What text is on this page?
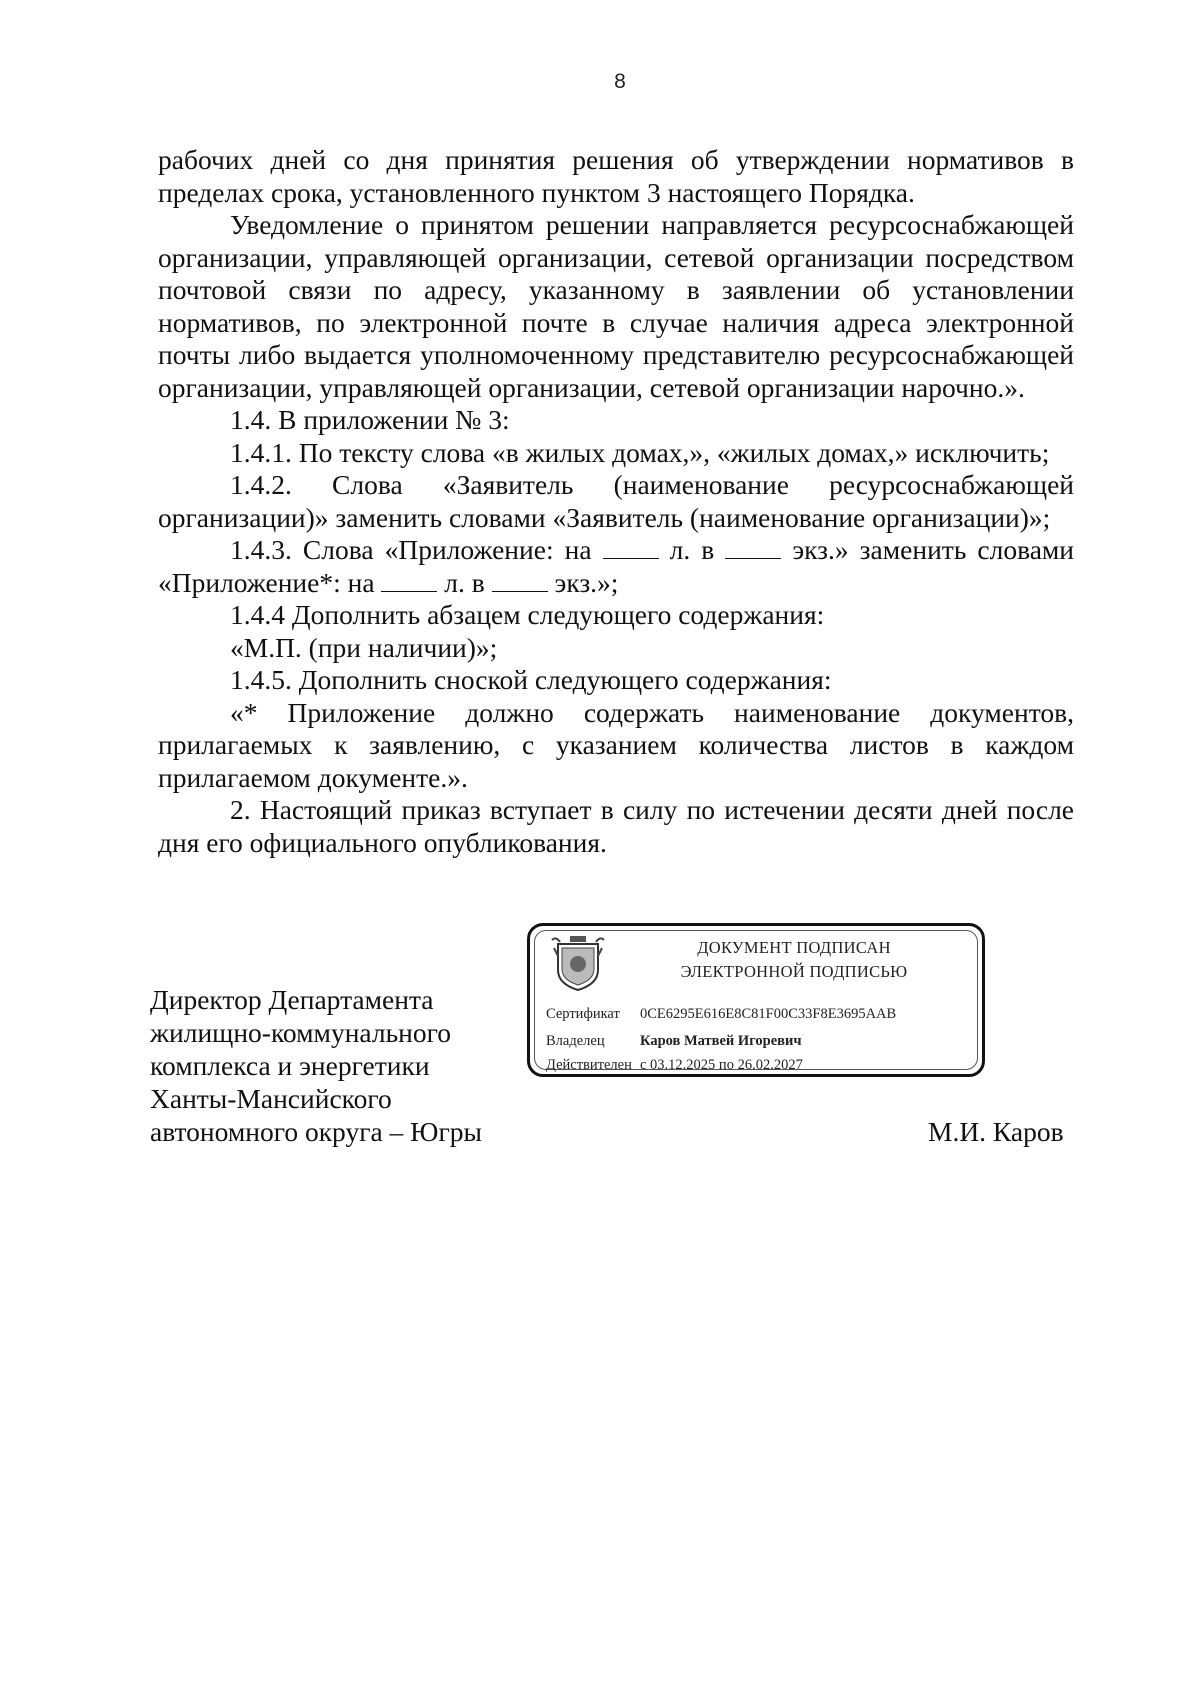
8

рабочих дней со дня принятия решения об утверждении нормативов в пределах срока, установленного пунктом 3 настоящего Порядка.

Уведомление о принятом решении направляется ресурсоснабжающей организации, управляющей организации, сетевой организации посредством почтовой связи по адресу, указанному в заявлении об установлении нормативов, по электронной почте в случае наличия адреса электронной почты либо выдается уполномоченному представителю ресурсоснабжающей организации, управляющей организации, сетевой организации нарочно.».

1.4. В приложении № 3:

1.4.1. По тексту слова «в жилых домах,», «жилых домах,» исключить;

1.4.2. Слова «Заявитель (наименование ресурсоснабжающей организации)» заменить словами «Заявитель (наименование организации)»;

1.4.3. Слова «Приложение: на	л. в	экз.» заменить словами «Приложение*: на	л. в	экз.»;

1.4.4 Дополнить абзацем следующего содержания:

«М.П. (при наличии)»;

1.4.5. Дополнить сноской следующего содержания:

«* Приложение должно содержать наименование документов, прилагаемых к заявлению, с указанием количества листов в каждом прилагаемом документе.».

2. Настоящий приказ вступает в силу по истечении десяти дней после дня его официального опубликования.

ДОКУМЕНТ ПОДПИСАН
ЭЛЕКТРОННОЙ ПОДПИСЬЮ
Сертификат 0CE6295E616E8C81F00C33F8E3695AAB
Владелец Каров Матвей Игоревич
Действителен с 03.12.2025 по 26.02.2027
Директор Департамента
жилищно-коммунального
комплекса и энергетики
Ханты-Мансийского
автономного округа – Югры	М.И. Каров
